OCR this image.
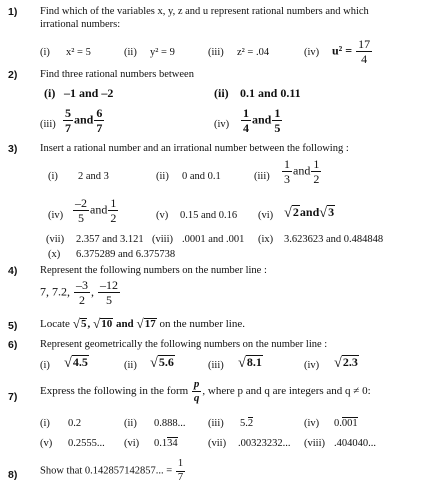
1) Find which of the variables x, y, z and u represent rational numbers and which
irrational numbers:
(i) x² = 5	(ii) y² = 9	(iii) z² = .04	(iv) $u^2 = \frac{17}{4}$
2) Find three rational numbers between
(i) –1 and –2	(ii) 0.1 and 0.11
$(iii) \frac{5}{7}$ and $\frac{6}{7}$	$(iv) \frac{1}{4}$ and $\frac{1}{5}$
3) Insert a rational number and an irrational number between the following :
(i) 2 and 3	(ii) 0 and 0.1	$(iii) \frac{1}{3}$ and $\frac{1}{2}$
$(iv) \frac{-2}{5}$ and $\frac{1}{2}$	(v) 0.15 and 0.16 (vi) √2and√3
(vii) 2.357 and 3.121 (viii) .0001 and .001 (ix) 3.623623 and 0.484848
(x) 6.375289 and 6.375738
4) Represent the following numbers on the number line :
7, 7.2, $\frac{-3}{2}$ , $\frac{-12}{5}$
5) Locate √5, √10 and √17 on the number line.
6) Represent geometrically the following numbers on the number line :
(i) √4.5	(ii) √5.6	(iii) √8.1	(iv) √2.3
7) Express the following in the form $\frac{p}{q}$ , where p and q are integers and q ≠ 0:
(i) 0.2	(ii) 0.888... (iii) 5.2	(iv) 0.001
(v) 0.2555... (vi) 0.134	(vii) .00323232... (viii) .404040...
8) Show that 0.142857142857... = $\frac{1}{7}$
